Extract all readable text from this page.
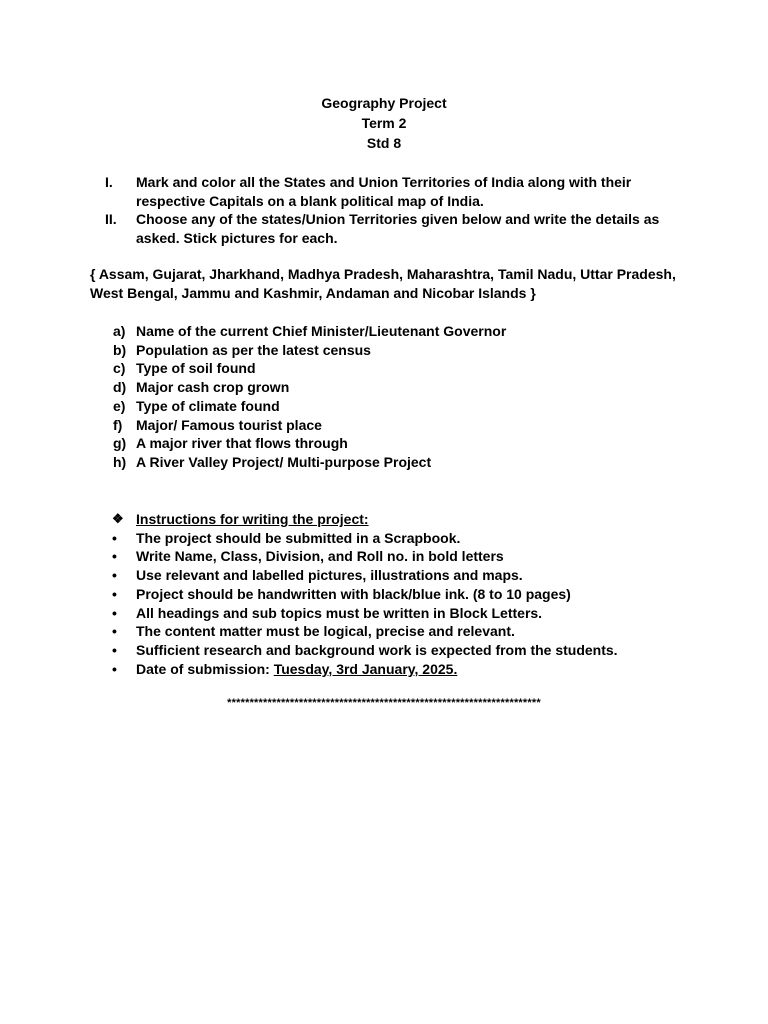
Geography Project
Term 2
Std 8
I.	Mark and color all the States and Union Territories of India along with their respective Capitals on a blank political map of India.
II.	Choose any of the states/Union Territories given below and write the details as asked. Stick pictures for each.
{ Assam, Gujarat, Jharkhand, Madhya Pradesh, Maharashtra, Tamil Nadu, Uttar Pradesh, West Bengal, Jammu and Kashmir, Andaman and Nicobar Islands }
a) Name of the current Chief Minister/Lieutenant Governor
b) Population as per the latest census
c) Type of soil found
d) Major cash crop grown
e) Type of climate found
f) Major/ Famous tourist place
g) A major river that flows through
h) A River Valley Project/ Multi-purpose Project
❖ Instructions for writing the project:
•	The project should be submitted in a Scrapbook.
•	Write Name, Class, Division, and Roll no. in bold letters
•	Use relevant and labelled pictures, illustrations and maps.
•	Project should be handwritten with black/blue ink. (8 to 10 pages)
•	All headings and sub topics must be written in Block Letters.
•	The content matter must be logical, precise and relevant.
•	Sufficient research and background work is expected from the students.
•	Date of submission: Tuesday, 3rd January, 2025.
**********************************************************************
